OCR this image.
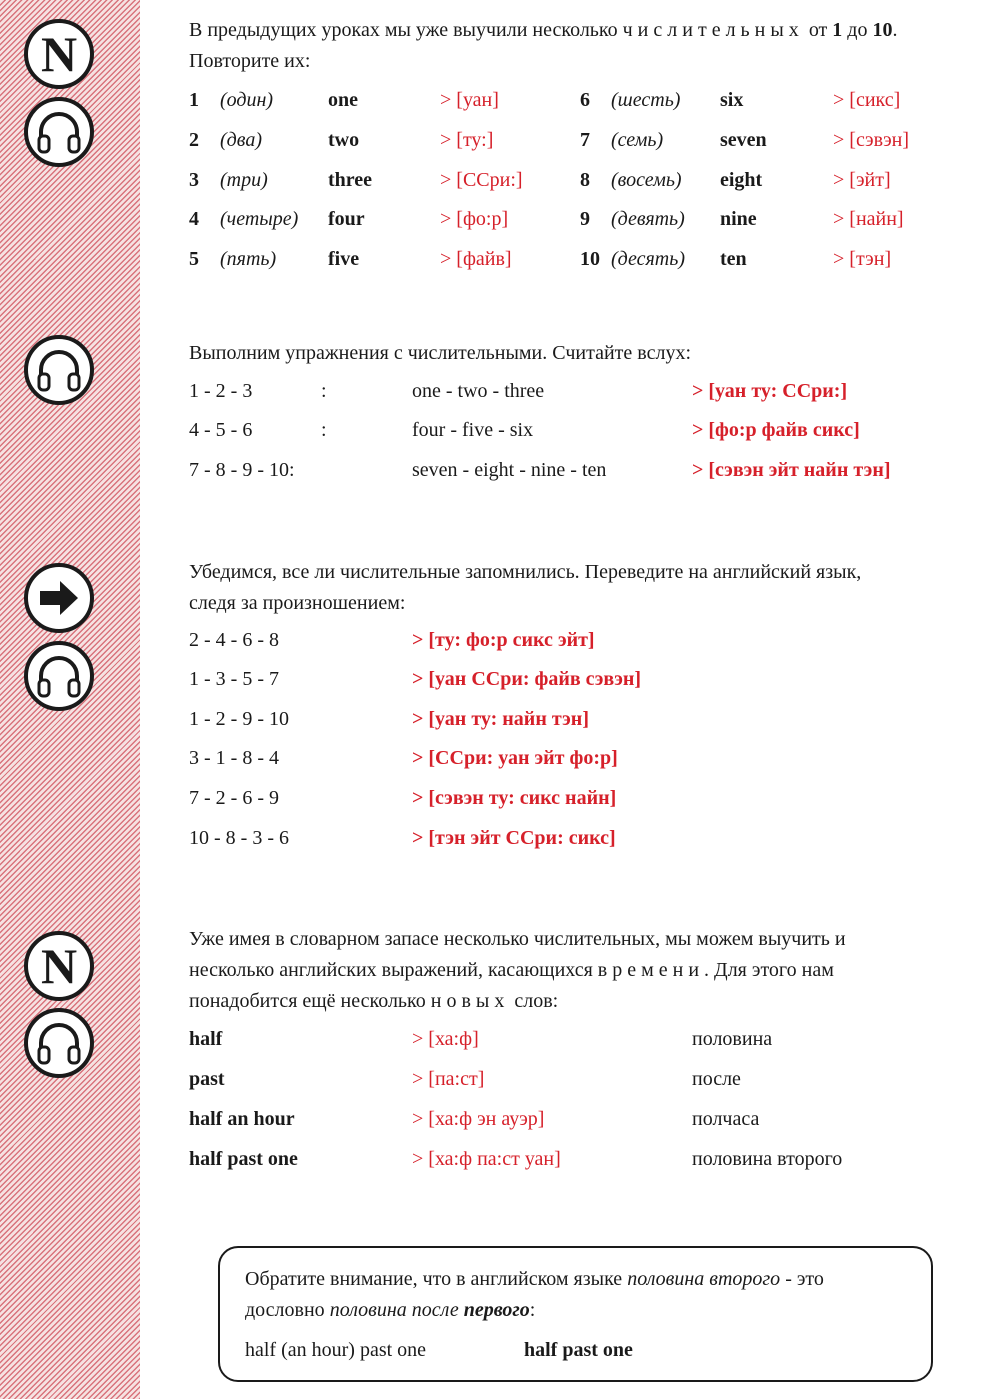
N
N
В предыдущих уроках мы уже выучили несколько числительных от 1 до 10. Повторите их:
1 (один)	one	> [уан]
2 (два)	two	> [ту:]
3 (три)	three	> [ССри:]
4 (четыре) four	> [фо:р]
5 (пять)	five	> [файв]
6 (шесть) six	> [сикс]
7 (семь)	seven	> [сэвэн]
8 (восемь) eight	> [эйт]
9 (девять) nine	> [найн]
10 (десять) ten	> [тэн]
Выполним упражнения с числительными. Считайте вслух:
1 - 2 - 3	:	one - two - three	> [уан ту: ССри:]
4 - 5 - 6	:	four - five - six	> [фо:р файв сикс]
7 - 8 - 9 - 10:	seven - eight - nine - ten	> [сэвэн эйт найн тэн]
Убедимся, все ли числительные запомнились. Переведите на английский язык,
следя за произношением:
2 - 4 - 6 - 8	> [ту: фо:р сикс эйт]
1 - 3 - 5 - 7	> [уан ССри: файв сэвэн]
1 - 2 - 9 - 10	> [уан ту: найн тэн]
3 - 1 - 8 - 4	> [ССри: уан эйт фо:р]
7 - 2 - 6 - 9	> [сэвэн ту: сикс найн]
10 - 8 - 3 - 6	> [тэн эйт ССри: сикс]
Уже имея в словарном запасе несколько числительных, мы можем выучить и
несколько английских выражений, касающихся времени. Для этого нам
понадобится ещё несколько новых слов:
half	> [ха:ф]	половина
past	> [па:ст]	после
half an hour	> [ха:ф эн ауэр]	полчаса
half past one	> [ха:ф па:ст уан]	половина второго
Обратите внимание, что в английском языке половина второго - это
дословно половина после первого:
half (an hour) past one	half past one
